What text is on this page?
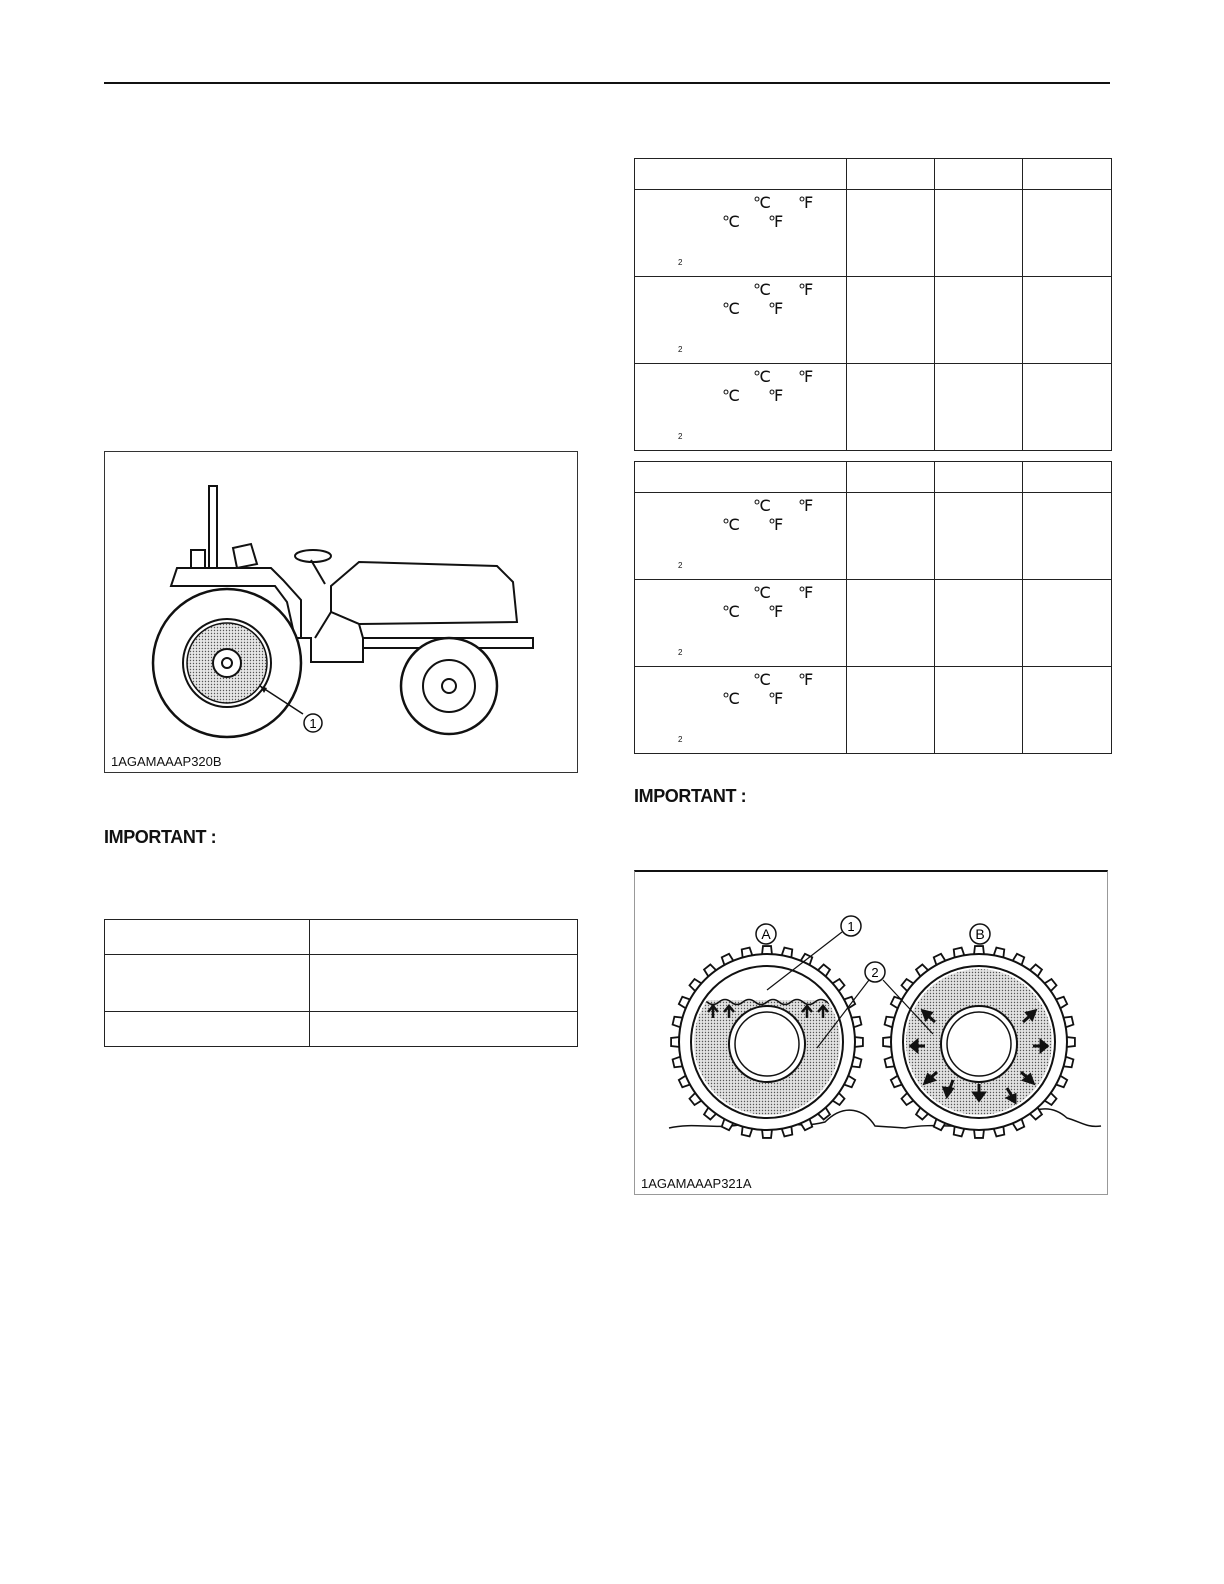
1
1AGAMAAAP320B
IMPORTANT :

℃ ℉
℃ ℉
2			

℃ ℉
℃ ℉
2			

℃ ℉
℃ ℉
2			

℃ ℉
℃ ℉
2			

℃ ℉
℃ ℉
2			

℃ ℉
℃ ℉
2			

IMPORTANT :
A	B
1
2
1AGAMAAAP321A
